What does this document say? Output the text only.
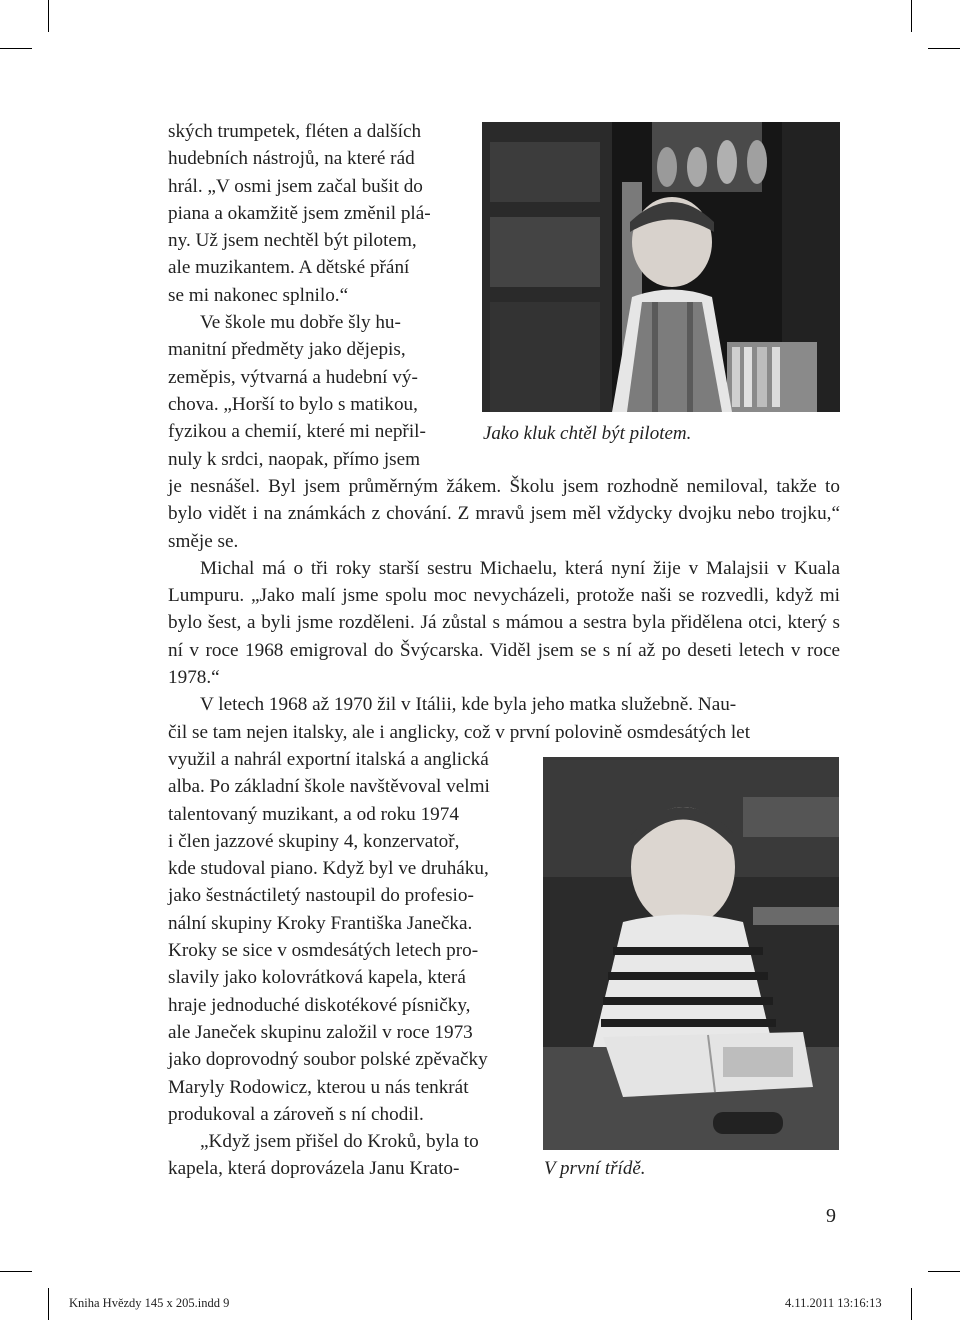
ských trumpetek, fléten a dalších
hudebních nástrojů, na které rád
hrál. „V osmi jsem začal bušit do
piana a okamžitě jsem změnil plá-
ny. Už jsem nechtěl být pilotem,
ale muzikantem. A dětské přání
se mi nakonec splnilo.“
Ve škole mu dobře šly hu-
manitní předměty jako dějepis,
zeměpis, výtvarná a hudební vý-
chova. „Horší to bylo s matikou,
fyzikou a chemií, které mi nepřil-
nuly k srdci, naopak, přímo jsem
Jako kluk chtěl být pilotem.

je nesnášel. Byl jsem průměrným žákem. Školu jsem rozhodně nemiloval, takže to bylo vidět i na známkách z chování. Z mravů jsem měl vždycky dvojku nebo trojku,“ směje se.

Michal má o tři roky starší sestru Michaelu, která nyní žije v Malajsii v Kuala Lumpuru. „Jako malí jsme spolu moc nevycházeli, protože naši se rozvedli, když mi bylo šest, a byli jsme rozděleni. Já zůstal s mámou a sestra byla přidělena otci, který s ní v roce 1968 emigroval do Švýcarska. Viděl jsem se s ní až po deseti letech v roce 1978.“

V letech 1968 až 1970 žil v Itálii, kde byla jeho matka služebně. Nau-
čil se tam nejen italsky, ale i anglicky, což v první polovině osmdesátých let
využil a nahrál exportní italská a anglická
alba. Po základní škole navštěvoval velmi
talentovaný muzikant, a od roku 1974
i člen jazzové skupiny 4, konzervatoř,
kde studoval piano. Když byl ve druháku,
jako šestnáctiletý nastoupil do profesio-
nální skupiny Kroky Františka Janečka.
Kroky se sice v osmdesátých letech pro-
slavily jako kolovrátková kapela, která
hraje jednoduché diskotékové písničky,
ale Janeček skupinu založil v roce 1973
jako doprovodný soubor polské zpěvačky
Maryly Rodowicz, kterou u nás tenkrát
produkoval a zároveň s ní chodil.
„Když jsem přišel do Kroků, byla to
kapela, která doprovázela Janu Krato-	V první třídě.
9
Kniha Hvězdy 145 x 205.indd 9	4.11.2011 13:16:13
